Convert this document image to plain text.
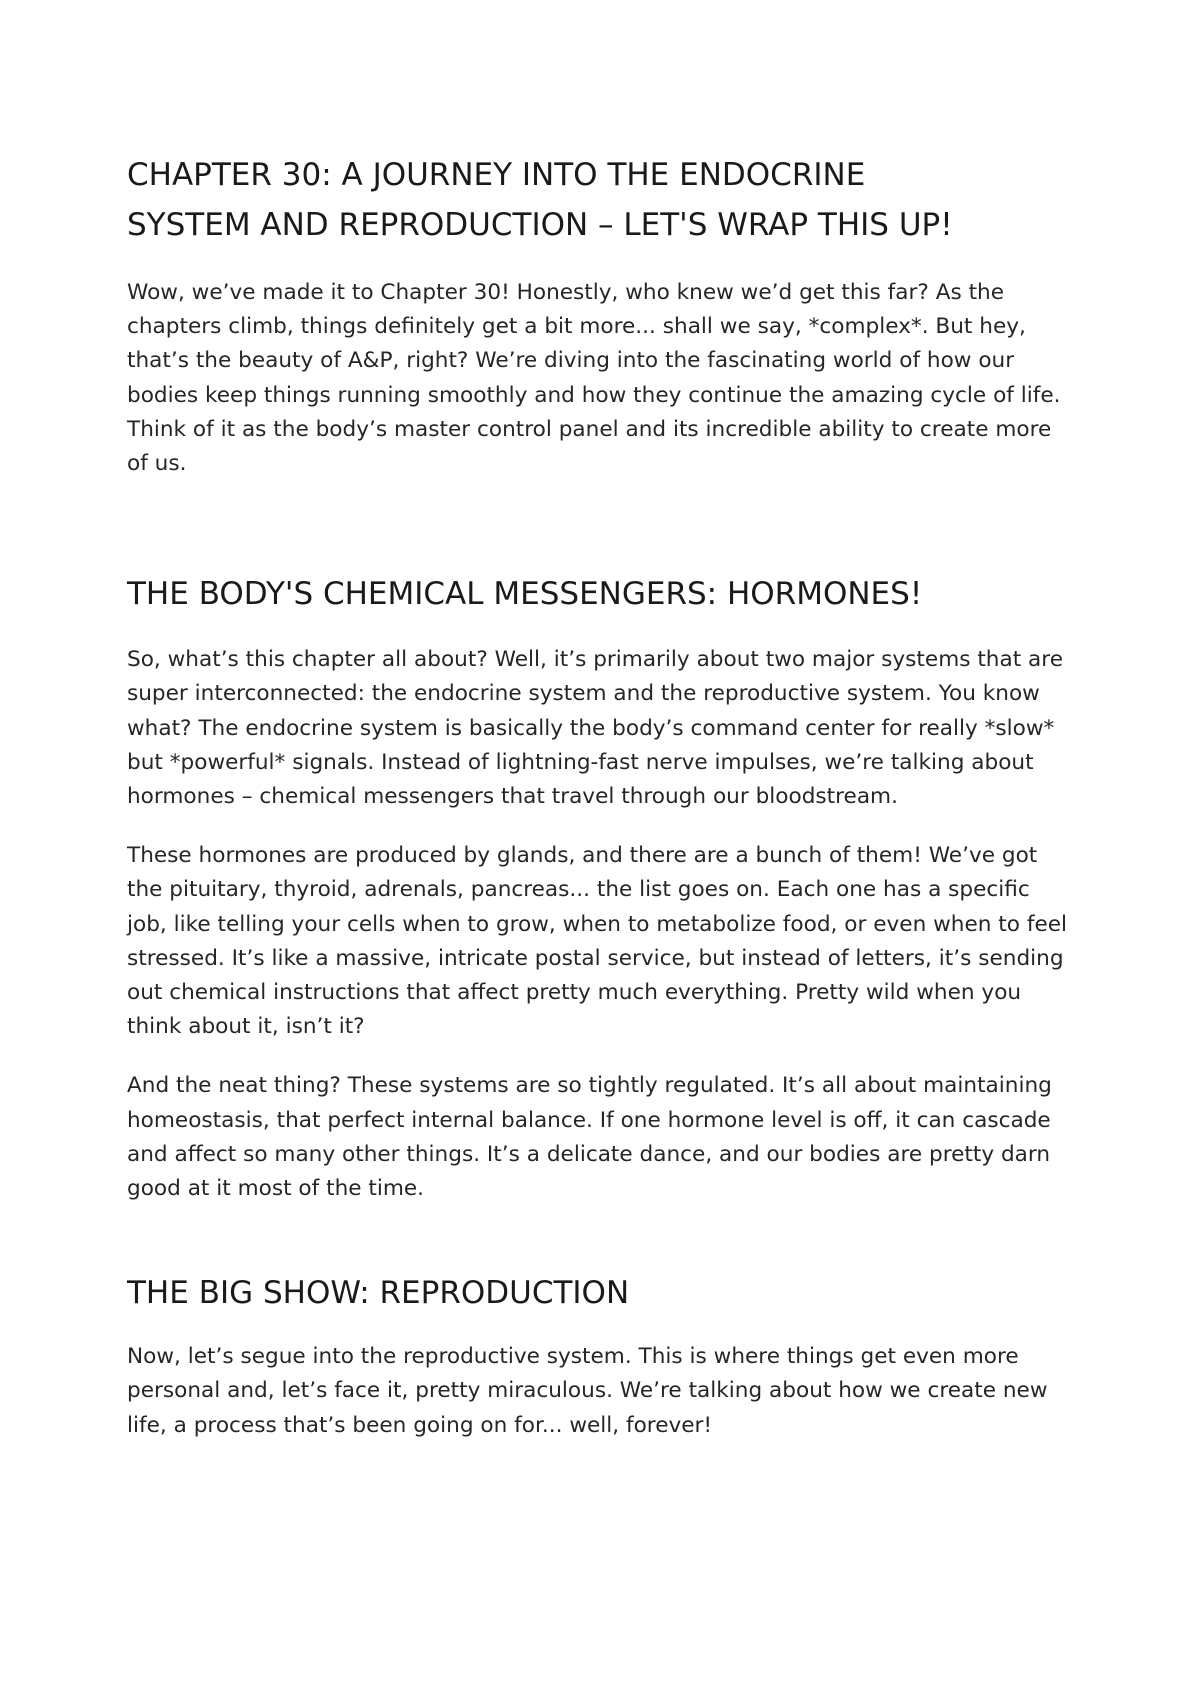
CHAPTER 30: A JOURNEY INTO THE ENDOCRINE SYSTEM AND REPRODUCTION – LET'S WRAP THIS UP!

Wow, we’ve made it to Chapter 30! Honestly, who knew we’d get this far? As the chapters climb, things definitely get a bit more... shall we say, *complex*. But hey, that’s the beauty of A&P, right? We’re diving into the fascinating world of how our bodies keep things running smoothly and how they continue the amazing cycle of life. Think of it as the body’s master control panel and its incredible ability to create more of us.

THE BODY'S CHEMICAL MESSENGERS: HORMONES!

So, what’s this chapter all about? Well, it’s primarily about two major systems that are super interconnected: the endocrine system and the reproductive system. You know what? The endocrine system is basically the body’s command center for really *slow* but *powerful* signals. Instead of lightning-fast nerve impulses, we’re talking about hormones – chemical messengers that travel through our bloodstream.

These hormones are produced by glands, and there are a bunch of them! We’ve got the pituitary, thyroid, adrenals, pancreas... the list goes on. Each one has a specific job, like telling your cells when to grow, when to metabolize food, or even when to feel stressed. It’s like a massive, intricate postal service, but instead of letters, it’s sending out chemical instructions that affect pretty much everything. Pretty wild when you think about it, isn’t it?

And the neat thing? These systems are so tightly regulated. It’s all about maintaining homeostasis, that perfect internal balance. If one hormone level is off, it can cascade and affect so many other things. It’s a delicate dance, and our bodies are pretty darn good at it most of the time.

THE BIG SHOW: REPRODUCTION

Now, let’s segue into the reproductive system. This is where things get even more personal and, let’s face it, pretty miraculous. We’re talking about how we create new life, a process that’s been going on for... well, forever!
